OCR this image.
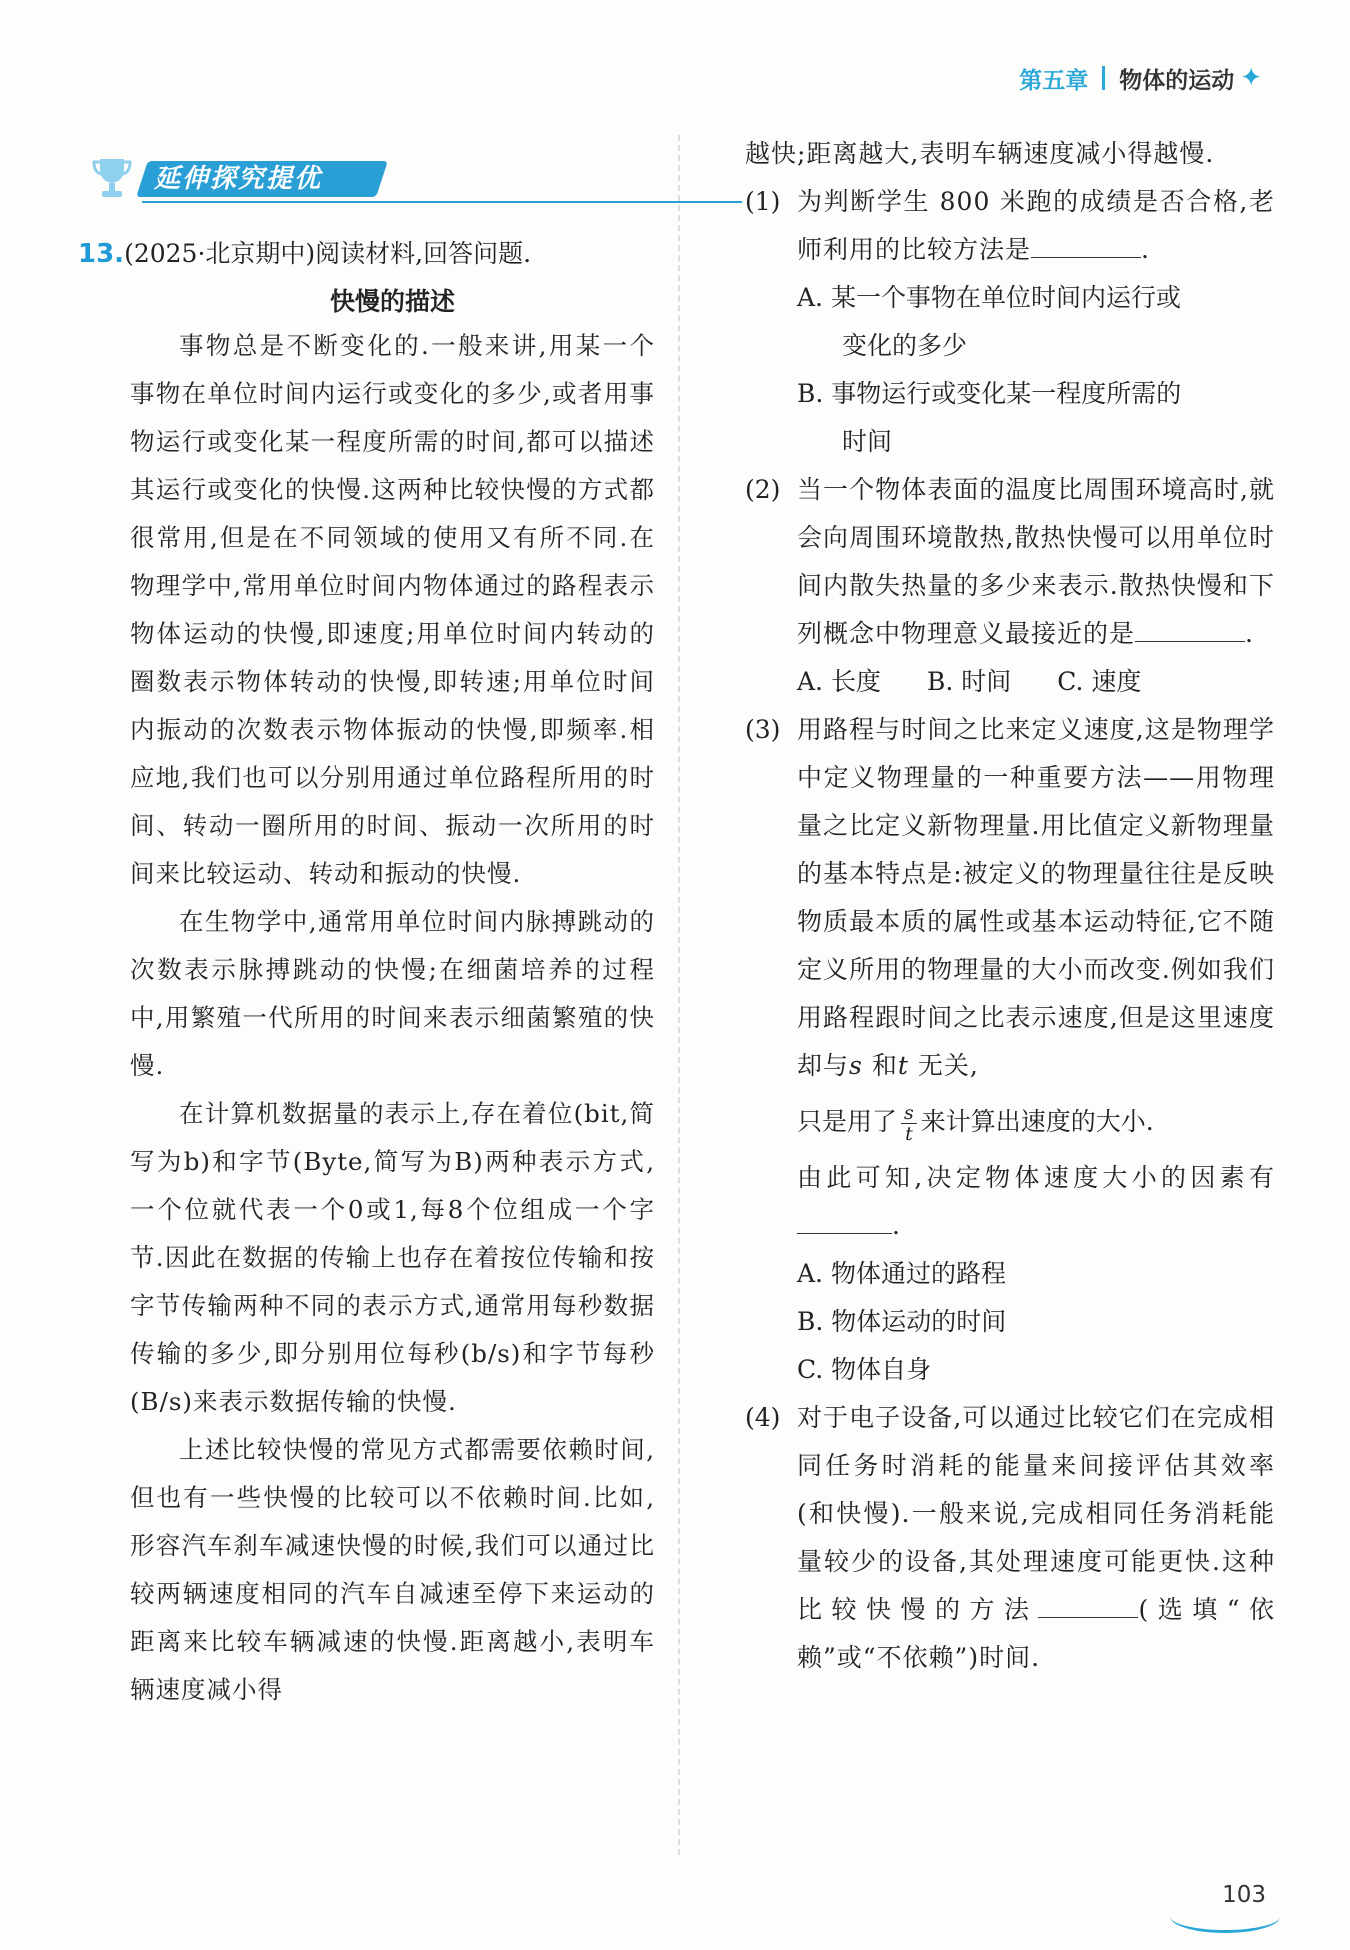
第五章 物体的运动 ✦
延伸探究提优
13.(2025·北京期中)阅读材料,回答问题.
快慢的描述

事物总是不断变化的.一般来讲,用某一个事物在单位时间内运行或变化的多少,或者用事物运行或变化某一程度所需的时间,都可以描述其运行或变化的快慢.这两种比较快慢的方式都很常用,但是在不同领域的使用又有所不同.在物理学中,常用单位时间内物体通过的路程表示物体运动的快慢,即速度;用单位时间内转动的圈数表示物体转动的快慢,即转速;用单位时间内振动的次数表示物体振动的快慢,即频率.相应地,我们也可以分别用通过单位路程所用的时间、转动一圈所用的时间、振动一次所用的时间来比较运动、转动和振动的快慢.

在生物学中,通常用单位时间内脉搏跳动的次数表示脉搏跳动的快慢;在细菌培养的过程中,用繁殖一代所用的时间来表示细菌繁殖的快慢.

在计算机数据量的表示上,存在着位(bit,简写为b)和字节(Byte,简写为B)两种表示方式,一个位就代表一个0或1,每8个位组成一个字节.因此在数据的传输上也存在着按位传输和按字节传输两种不同的表示方式,通常用每秒数据传输的多少,即分别用位每秒(b/s)和字节每秒(B/s)来表示数据传输的快慢.

上述比较快慢的常见方式都需要依赖时间,但也有一些快慢的比较可以不依赖时间.比如,形容汽车刹车减速快慢的时候,我们可以通过比较两辆速度相同的汽车自减速至停下来运动的距离来比较车辆减速的快慢.距离越小,表明车辆速度减小得

越快;距离越大,表明车辆速度减小得越慢.
(1) 为判断学生 800 米跑的成绩是否合格,老师利用的比较方法是	.
A. 某一个事物在单位时间内运行或
变化的多少
B. 事物运行或变化某一程度所需的
时间
(2) 当一个物体表面的温度比周围环境高时,就会向周围环境散热,散热快慢可以用单位时间内散失热量的多少来表示.散热快慢和下列概念中物理意义最接近的是	.
A. 长度 B. 时间 C. 速度
(3) 用路程与时间之比来定义速度,这是物理学中定义物理量的一种重要方法——用物理量之比定义新物理量.用比值定义新物理量的基本特点是:被定义的物理量往往是反映物质最本质的属性或基本运动特征,它不随定义所用的物理量的大小而改变.例如我们用路程跟时间之比表示速度,但是这里速度却与s 和t 无关,
只是用了 $\frac{s}{t}$ 来计算出速度的大小.
由此可知,决定物体速度大小的因素有.
A. 物体通过的路程
B. 物体运动的时间
C. 物体自身
(4) 对于电子设备,可以通过比较它们在完成相同任务时消耗的能量来间接评估其效率(和快慢).一般来说,完成相同任务消耗能量较少的设备,其处理速度可能更快.这种比较快慢的方法	(选填“依赖”或“不依赖”)时间.
103
